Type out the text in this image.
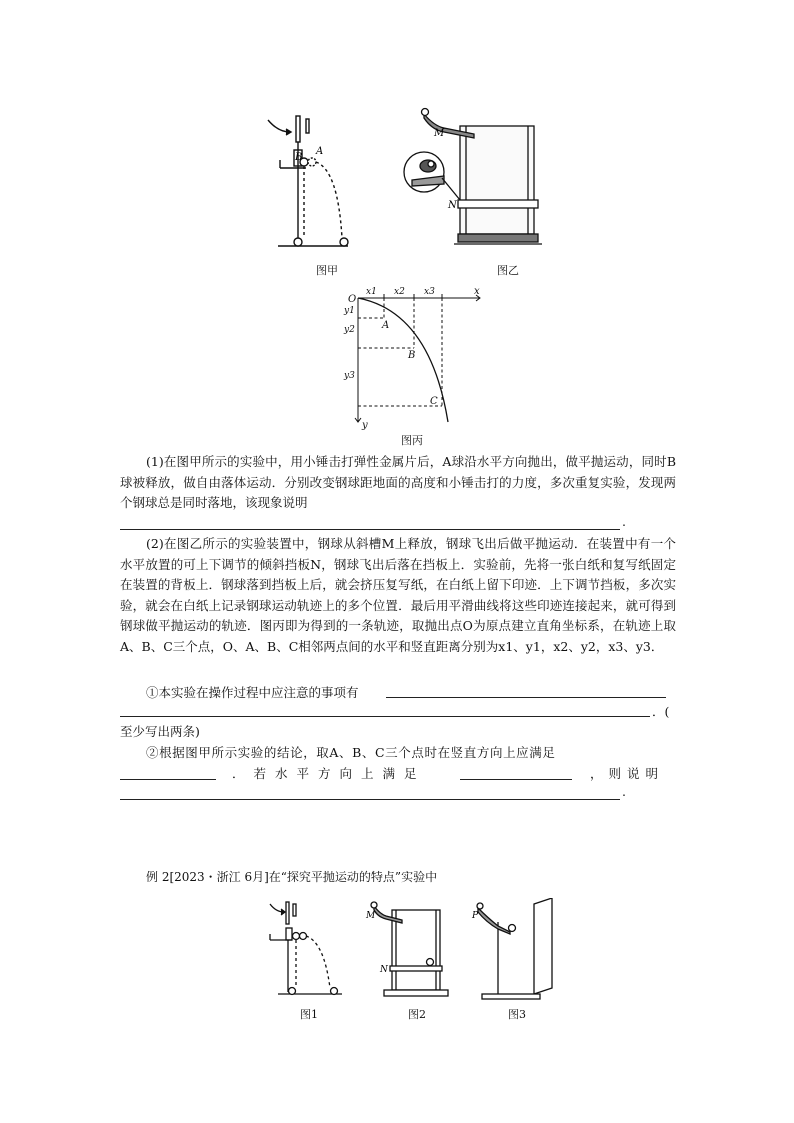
B
A
图甲
M
N
图乙
O
x
y
x1 x2 x3
y1
y2
y3
A
B
C
图丙
(1)在图甲所示的实验中，用小锤击打弹性金属片后，A球沿水平方向抛出，做平抛运动，同时B球被释放，做自由落体运动．分别改变钢球距地面的高度和小锤击打的力度，多次重复实验，发现两个钢球总是同时落地，该现象说明
.
(2)在图乙所示的实验装置中，钢球从斜槽M上释放，钢球飞出后做平抛运动．在装置中有一个水平放置的可上下调节的倾斜挡板N，钢球飞出后落在挡板上．实验前，先将一张白纸和复写纸固定在装置的背板上．钢球落到挡板上后，就会挤压复写纸，在白纸上留下印迹．上下调节挡板，多次实验，就会在白纸上记录钢球运动轨迹上的多个位置．最后用平滑曲线将这些印迹连接起来，就可得到钢球做平抛运动的轨迹．图丙即为得到的一条轨迹，取抛出点O为原点建立直角坐标系，在轨迹上取A、B、C三个点，O、A、B、C相邻两点间的水平和竖直距离分别为x1、y1，x2、y2，x3、y3．
①本实验在操作过程中应注意的事项有
．(
至少写出两条)
②根据图甲所示实验的结论，取A、B、C三个点时在竖直方向上应满足
．若水平方向上满足	，则说明
.
例 2[2023・浙江 6月]在“探究平抛运动的特点”实验中
图1
M
N
图2
P
图3
